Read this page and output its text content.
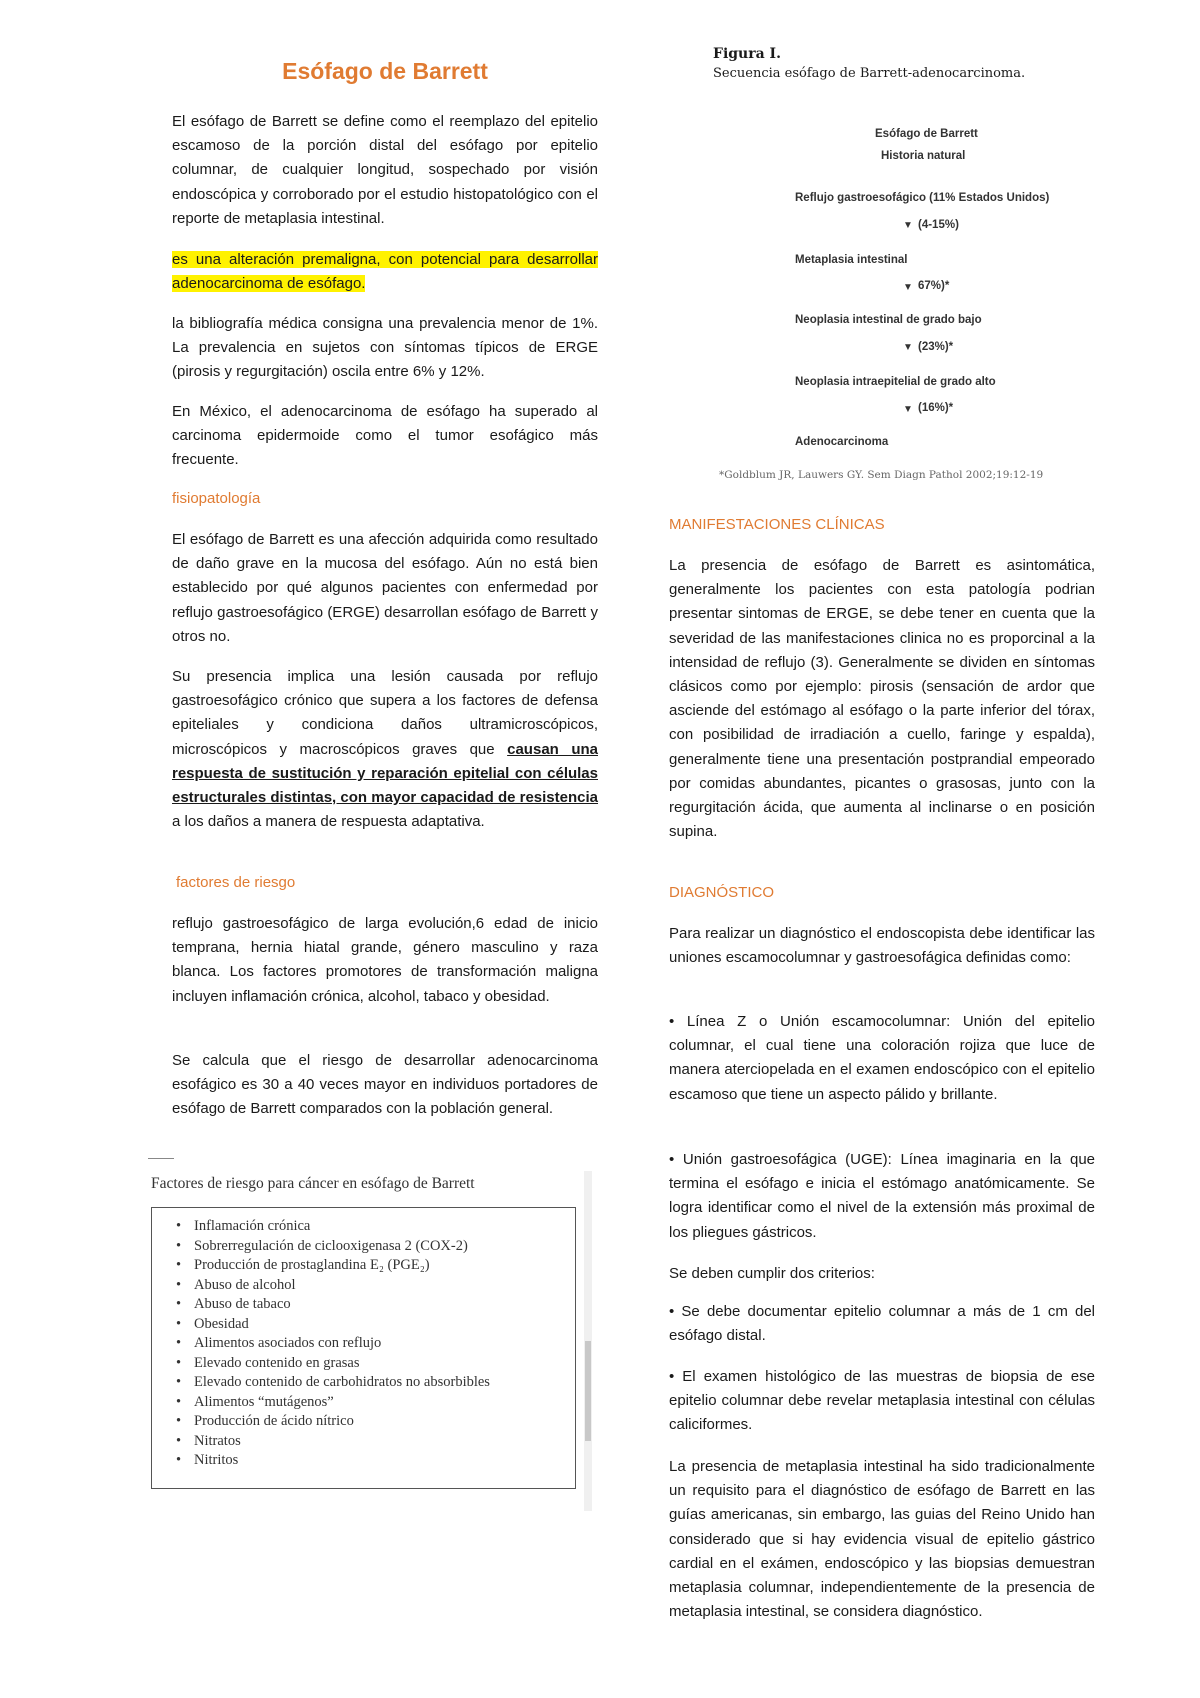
Esófago de Barrett

El esófago de Barrett se define como el reemplazo del epitelio escamoso de la porción distal del esófago por epitelio columnar, de cualquier longitud, sospechado por visión endoscópica y corroborado por el estudio histopatológico con el reporte de metaplasia intestinal.

es una alteración premaligna, con potencial para desarrollar adenocarcinoma de esófago.

la bibliografía médica consigna una prevalencia menor de 1%. La prevalencia en sujetos con síntomas típicos de ERGE (pirosis y regurgitación) oscila entre 6% y 12%.

En México, el adenocarcinoma de esófago ha superado al carcinoma epidermoide como el tumor esofágico más frecuente.

fisiopatología

El esófago de Barrett es una afección adquirida como resultado de daño grave en la mucosa del esófago. Aún no está bien establecido por qué algunos pacientes con enfermedad por reflujo gastroesofágico (ERGE) desarrollan esófago de Barrett y otros no.

Su presencia implica una lesión causada por reflujo gastroesofágico crónico que supera a los factores de defensa epiteliales y condiciona daños ultramicroscópicos, microscópicos y macroscópicos graves que causan una respuesta de sustitución y reparación epitelial con células estructurales distintas, con mayor capacidad de resistencia a los daños a manera de respuesta adaptativa.

factores de riesgo

reflujo gastroesofágico de larga evolución,6 edad de inicio temprana, hernia hiatal grande, género masculino y raza blanca. Los factores promotores de transformación maligna incluyen inflamación crónica, alcohol, tabaco y obesidad.

Se calcula que el riesgo de desarrollar adenocarcinoma esofágico es 30 a 40 veces mayor en individuos portadores de esófago de Barrett comparados con la población general.

Factores de riesgo para cáncer en esófago de Barrett
• Inflamación crónica
• Sobrerregulación de ciclooxigenasa 2 (COX-2)
• Producción de prostaglandina E₂ (PGE₂)
• Abuso de alcohol
• Abuso de tabaco
• Obesidad
• Alimentos asociados con reflujo
• Elevado contenido en grasas
• Elevado contenido de carbohidratos no absorbibles
• Alimentos “mutágenos”
• Producción de ácido nítrico
• Nitratos
• Nitritos
Figura I.
Secuencia esófago de Barrett-adenocarcinoma.
Esófago de Barrett
Historia natural
Reflujo gastroesofágico (11% Estados Unidos)
▼ (4-15%)
Metaplasia intestinal
▼ 67%)*
Neoplasia intestinal de grado bajo
▼ (23%)*
Neoplasia intraepitelial de grado alto
▼ (16%)*
Adenocarcinoma
*Goldblum JR, Lauwers GY. Sem Diagn Pathol 2002;19:12-19

MANIFESTACIONES CLÍNICAS

La presencia de esófago de Barrett es asintomática, generalmente los pacientes con esta patología podrian presentar sintomas de ERGE, se debe tener en cuenta que la severidad de las manifestaciones clinica no es proporcinal a la intensidad de reflujo (3). Generalmente se dividen en síntomas clásicos como por ejemplo: pirosis (sensación de ardor que asciende del estómago al esófago o la parte inferior del tórax, con posibilidad de irradiación a cuello, faringe y espalda), generalmente tiene una presentación postprandial empeorado por comidas abundantes, picantes o grasosas, junto con la regurgitación ácida, que aumenta al inclinarse o en posición supina.

DIAGNÓSTICO

Para realizar un diagnóstico el endoscopista debe identificar las uniones escamocolumnar y gastroesofágica definidas como:

• Línea Z o Unión escamocolumnar: Unión del epitelio columnar, el cual tiene una coloración rojiza que luce de manera aterciopelada en el examen endoscópico con el epitelio escamoso que tiene un aspecto pálido y brillante.

• Unión gastroesofágica (UGE): Línea imaginaria en la que termina el esófago e inicia el estómago anatómicamente. Se logra identificar como el nivel de la extensión más proximal de los pliegues gástricos.

Se deben cumplir dos criterios:

• Se debe documentar epitelio columnar a más de 1 cm del esófago distal.

• El examen histológico de las muestras de biopsia de ese epitelio columnar debe revelar metaplasia intestinal con células caliciformes.

La presencia de metaplasia intestinal ha sido tradicionalmente un requisito para el diagnóstico de esófago de Barrett en las guías americanas, sin embargo, las guias del Reino Unido han considerado que si hay evidencia visual de epitelio gástrico cardial en el exámen, endoscópico y las biopsias demuestran metaplasia columnar, independientemente de la presencia de metaplasia intestinal, se considera diagnóstico.
